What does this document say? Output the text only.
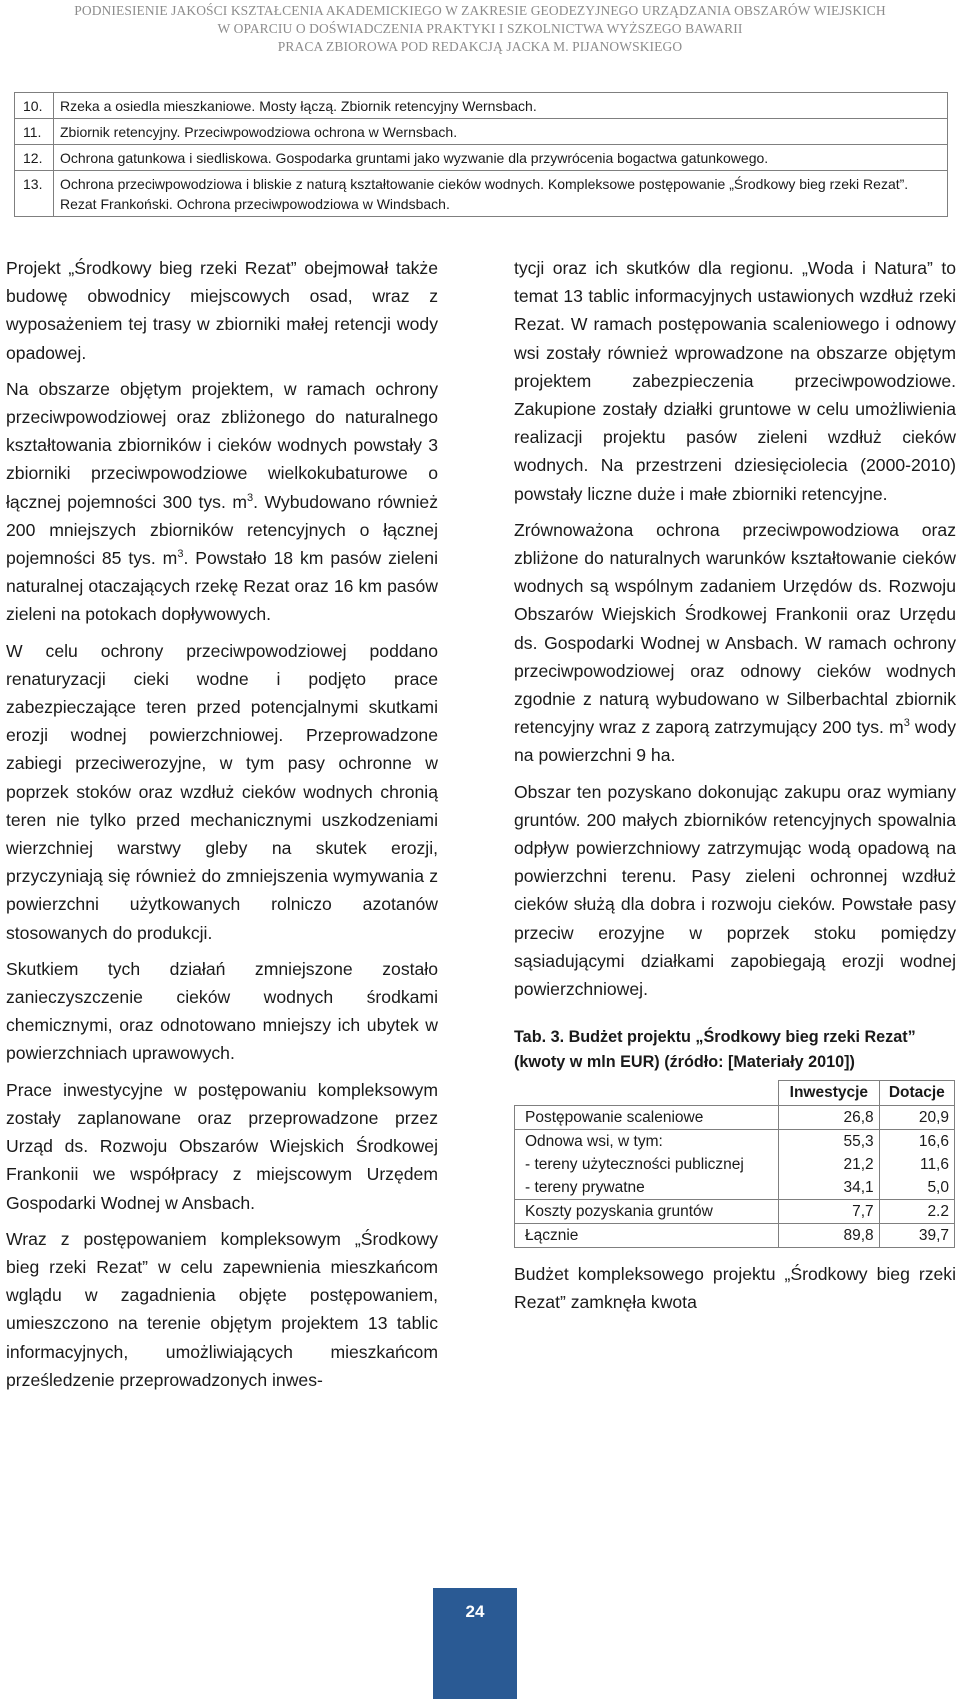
PODNIESIENIE JAKOŚCI KSZTAŁCENIA AKADEMICKIEGO W ZAKRESIE GEODEZYJNEGO URZĄDZANIA OBSZARÓW WIEJSKICH
W OPARCIU O DOŚWIADCZENIA PRAKTYKI I SZKOLNICTWA WYŻSZEGO BAWARII
PRACA ZBIOROWA POD REDAKCJĄ JACKA M. PIJANOWSKIEGO
10.	Rzeka a osiedla mieszkaniowe. Mosty łączą. Zbiornik retencyjny Wernsbach.
11.	Zbiornik retencyjny. Przeciwpowodziowa ochrona w Wernsbach.
12.	Ochrona gatunkowa i siedliskowa. Gospodarka gruntami jako wyzwanie dla przywrócenia bogactwa gatunkowego.
13.	Ochrona przeciwpowodziowa i bliskie z naturą kształtowanie cieków wodnych. Kompleksowe postępowanie „Środkowy bieg rzeki Rezat”. Rezat Frankoński. Ochrona przeciwpowodziowa w Windsbach.

Projekt „Środkowy bieg rzeki Rezat” obejmował także budowę obwodnicy miejscowych osad, wraz z wyposażeniem tej trasy w zbiorniki małej retencji wody opadowej.

Na obszarze objętym projektem, w ramach ochrony przeciwpowodziowej oraz zbliżonego do naturalnego kształtowania zbiorników i cieków wodnych powstały 3 zbiorniki przeciwpowodziowe wielkokubaturowe o łącznej pojemności 300 tys. $m^3$. Wybudowano również 200 mniejszych zbiorników retencyjnych o łącznej pojemności 85 tys. $m^3$. Powstało 18 km pasów zieleni naturalnej otaczających rzekę Rezat oraz 16 km pasów zieleni na potokach dopływowych.

W celu ochrony przeciwpowodziowej poddano renaturyzacji cieki wodne i podjęto prace zabezpieczające teren przed potencjalnymi skutkami erozji wodnej powierzchniowej. Przeprowadzone zabiegi przeciwerozyjne, w tym pasy ochronne w poprzek stoków oraz wzdłuż cieków wodnych chronią teren nie tylko przed mechanicznymi uszkodzeniami wierzchniej warstwy gleby na skutek erozji, przyczyniają się również do zmniejszenia wymywania z powierzchni użytkowanych rolniczo azotanów stosowanych do produkcji.

Skutkiem tych działań zmniejszone zostało zanieczyszczenie cieków wodnych środkami chemicznymi, oraz odnotowano mniejszy ich ubytek w powierzchniach uprawowych.

Prace inwestycyjne w postępowaniu kompleksowym zostały zaplanowane oraz przeprowadzone przez Urząd ds. Rozwoju Obszarów Wiejskich Środkowej Frankonii we współpracy z miejscowym Urzędem Gospodarki Wodnej w Ansbach.

Wraz z postępowaniem kompleksowym „Środkowy bieg rzeki Rezat” w celu zapewnienia mieszkańcom wglądu w zagadnienia objęte postępowaniem, umieszczono na terenie objętym projektem 13 tablic informacyjnych, umożliwiających mieszkańcom prześledzenie przeprowadzonych inwes-

tycji oraz ich skutków dla regionu. „Woda i Natura” to temat 13 tablic informacyjnych ustawionych wzdłuż rzeki Rezat. W ramach postępowania scaleniowego i odnowy wsi zostały również wprowadzone na obszarze objętym projektem zabezpieczenia przeciwpowodziowe. Zakupione zostały działki gruntowe w celu umożliwienia realizacji projektu pasów zieleni wzdłuż cieków wodnych. Na przestrzeni dziesięciolecia (2000-2010) powstały liczne duże i małe zbiorniki retencyjne.

Zrównoważona ochrona przeciwpowodziowa oraz zbliżone do naturalnych warunków kształtowanie cieków wodnych są wspólnym zadaniem Urzędów ds. Rozwoju Obszarów Wiejskich Środkowej Frankonii oraz Urzędu ds. Gospodarki Wodnej w Ansbach. W ramach ochrony przeciwpowodziowej oraz odnowy cieków wodnych zgodnie z naturą wybudowano w Silberbachtal zbiornik retencyjny wraz z zaporą zatrzymujący 200 tys. $m^3$ wody na powierzchni 9 ha.

Obszar ten pozyskano dokonując zakupu oraz wymiany gruntów. 200 małych zbiorników retencyjnych spowalnia odpływ powierzchniowy zatrzymując wodą opadową na powierzchni terenu. Pasy zieleni ochronnej wzdłuż cieków służą dla dobra i rozwoju cieków. Powstałe pasy przeciw erozyjne w poprzek stoku pomiędzy sąsiadującymi działkami zapobiegają erozji wodnej powierzchniowej.

Tab. 3. Budżet projektu „Środkowy bieg rzeki Rezat” (kwoty w mln EUR) (źródło: [Materiały 2010])
	Inwestycje	Dotacje
Postępowanie scaleniowe	26,8	20,9
Odnowa wsi, w tym:	55,3	16,6
- tereny użyteczności publicznej	21,2	11,6
- tereny prywatne	34,1	5,0
Koszty pozyskania gruntów	7,7	2.2
Łącznie	89,8	39,7

Budżet kompleksowego projektu „Środkowy bieg rzeki Rezat” zamknęła kwota

24
